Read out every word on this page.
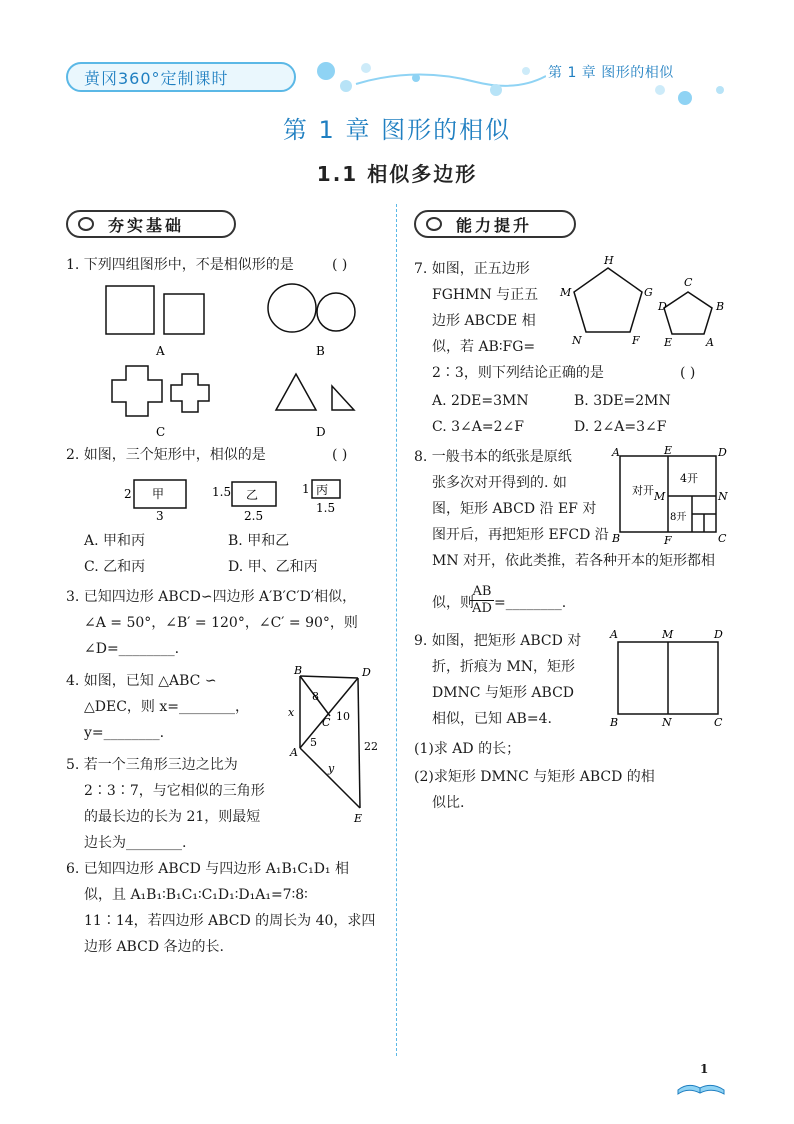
黄冈360°定制课时	第 1 章 图形的相似
第 1 章 图形的相似
1.1 相似多边形
夯实基础	能力提升
1. 下列四组图形中，不是相似形的是	( )
A	B
C	D
2. 如图，三个矩形中，相似的是	( )
2 甲
3
1.5 乙
2.5
1 丙
1.5
A. 甲和丙	B. 甲和乙
C. 乙和丙	D. 甲、乙和丙
3. 已知四边形 ABCD∽四边形 A′B′C′D′相似，
∠A = 50°，∠B′ = 120°，∠C′ = 90°，则
∠D=________.
4. 如图，已知 △ABC ∽
△DEC，则 x=________，
y=________.
B	D
C
A
E
x
y
8
10
5	22
5. 若一个三角形三边之比为
2∶3∶7，与它相似的三角形
的最长边的长为 21，则最短
边长为________.
6. 已知四边形 ABCD 与四边形 A₁B₁C₁D₁ 相
似，且 A₁B₁∶B₁C₁∶C₁D₁∶D₁A₁=7∶8∶
11∶14，若四边形 ABCD 的周长为 40，求四
边形 ABCD 各边的长.
7. 如图，正五边形
FGHMN 与正五
边形 ABCDE 相
似，若 AB∶FG=
2∶3，则下列结论正确的是	( )
H
M	G
N	F
C
D	B
E	A
A. 2DE=3MN	B. 3DE=2MN
C. 3∠A=2∠F	D. 2∠A=3∠F
8. 一般书本的纸张是原纸
张多次对开得到的. 如
图，矩形 ABCD 沿 EF 对
图开后，再把矩形 EFCD 沿
MN 对开，依此类推，若各种开本的矩形都相
似，则
$\frac{AB}{AD}$ =________.
A	E	D
B	F	C
M	N
对开
4开
8开
9. 如图，把矩形 ABCD 对
折，折痕为 MN，矩形
DMNC 与矩形 ABCD
相似，已知 AB=4.
A	M	D
B	N	C
(1)求 AD 的长；
(2)求矩形 DMNC 与矩形 ABCD 的相
似比.
1
